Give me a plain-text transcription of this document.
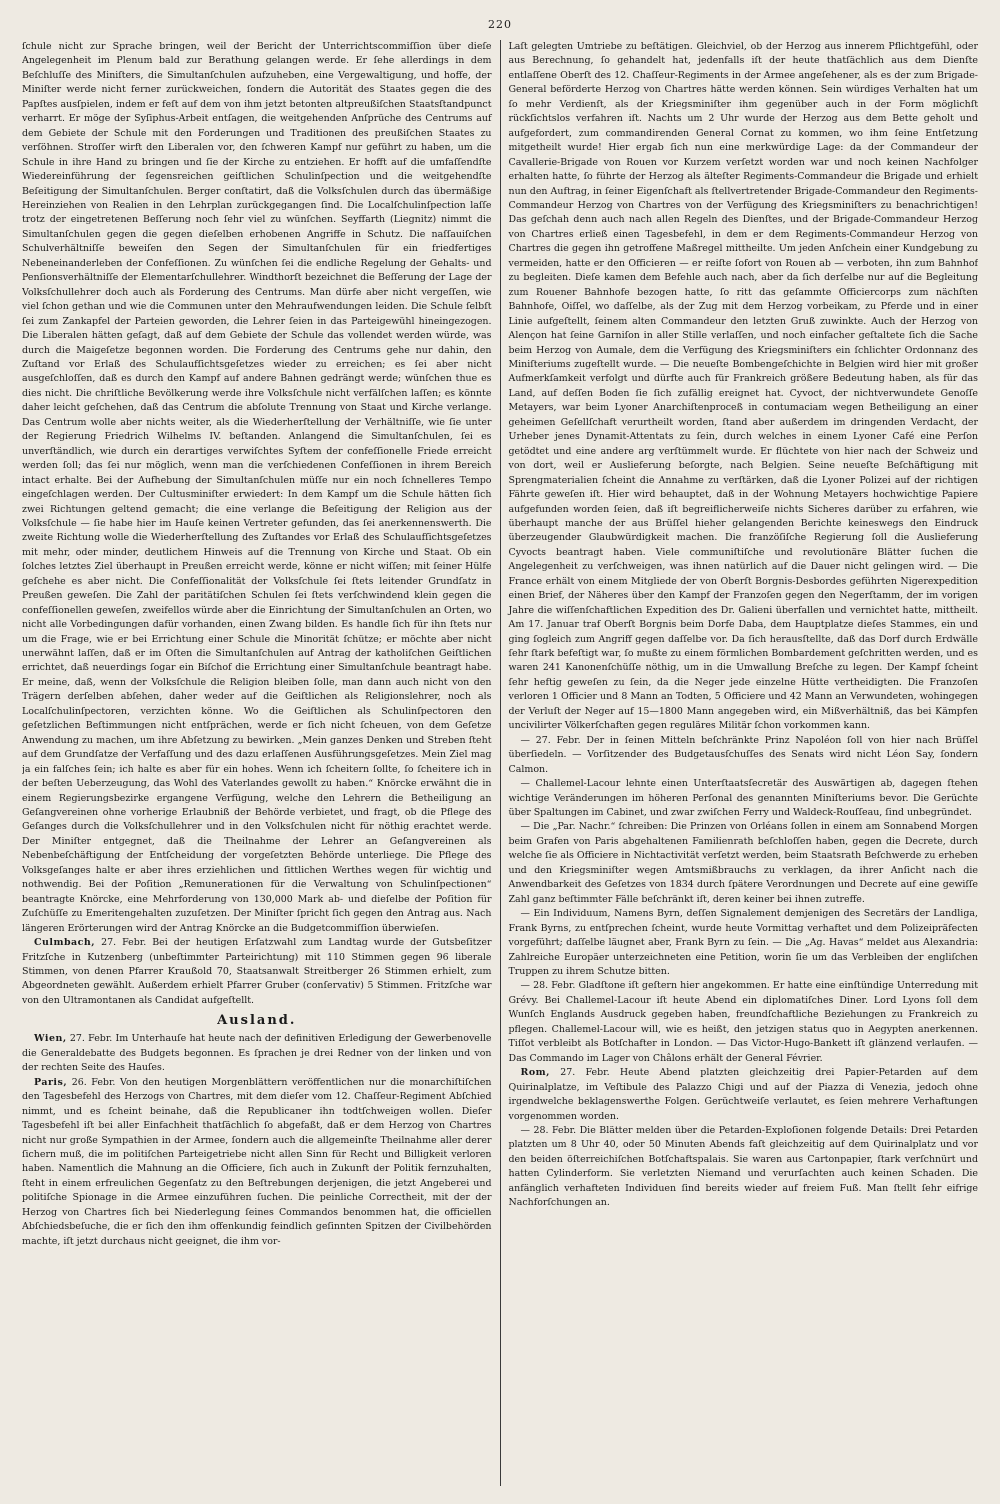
220

ſchule nicht zur Sprache bringen, weil der Bericht der Unterrichtscommiſſion über dieſe Angelegenheit im Plenum bald zur Berathung gelangen werde. Er ſehe allerdings in dem Beſchluſſe des Miniſters, die Simultanſchulen aufzuheben, eine Vergewaltigung, und hoffe, der Miniſter werde nicht ferner zurückweichen, ſondern die Autorität des Staates gegen die des Papſtes ausſpielen, indem er feſt auf dem von ihm jetzt betonten altpreußiſchen Staatsſtandpunct verharrt. Er möge der Syſiphus-Arbeit entſagen, die weitgehenden Anſprüche des Centrums auf dem Gebiete der Schule mit den Forderungen und Traditionen des preußiſchen Staates zu verſöhnen. Stroſſer wirft den Liberalen vor, den ſchweren Kampf nur geführt zu haben, um die Schule in ihre Hand zu bringen und ſie der Kirche zu entziehen. Er hofft auf die umfaſſendſte Wiedereinführung der ſegensreichen geiſtlichen Schulinſpection und die weitgehendſte Beſeitigung der Simultanſchulen. Berger conſtatirt, daß die Volksſchulen durch das übermäßige Hereinziehen von Realien in den Lehrplan zurückgegangen ſind. Die Localſchulinſpection laſſe trotz der eingetretenen Beſſerung noch ſehr viel zu wünſchen. Seyffarth (Liegnitz) nimmt die Simultanſchulen gegen die gegen dieſelben erhobenen Angriffe in Schutz. Die naſſauiſchen Schulverhältniſſe beweiſen den Segen der Simultanſchulen für ein friedfertiges Nebeneinanderleben der Confeſſionen. Zu wünſchen ſei die endliche Regelung der Gehalts- und Penſionsverhältniſſe der Elementarſchullehrer. Windthorſt bezeichnet die Beſſerung der Lage der Volksſchullehrer doch auch als Forderung des Centrums. Man dürfe aber nicht vergeſſen, wie viel ſchon gethan und wie die Communen unter den Mehraufwendungen leiden. Die Schule ſelbſt ſei zum Zankapfel der Parteien geworden, die Lehrer ſeien in das Parteigewühl hineingezogen. Die Liberalen hätten geſagt, daß auf dem Gebiete der Schule das vollendet werden würde, was durch die Maigeſetze begonnen worden. Die Forderung des Centrums gehe nur dahin, den Zuſtand vor Erlaß des Schulaufſichtsgeſetzes wieder zu erreichen; es ſei aber nicht ausgeſchloſſen, daß es durch den Kampf auf andere Bahnen gedrängt werde; wünſchen thue es dies nicht. Die chriſtliche Bevölkerung werde ihre Volksſchule nicht verfälſchen laſſen; es könnte daher leicht geſchehen, daß das Centrum die abſolute Trennung von Staat und Kirche verlange. Das Centrum wolle aber nichts weiter, als die Wiederherſtellung der Verhältniſſe, wie ſie unter der Regierung Friedrich Wilhelms IV. beſtanden. Anlangend die Simultanſchulen, ſei es unverſtändlich, wie durch ein derartiges verwiſchtes Syſtem der confeſſionelle Friede erreicht werden ſoll; das ſei nur möglich, wenn man die verſchiedenen Confeſſionen in ihrem Bereich intact erhalte. Bei der Aufhebung der Simultanſchulen müſſe nur ein noch ſchnelleres Tempo eingeſchlagen werden. Der Cultusminiſter erwiedert: In dem Kampf um die Schule hätten ſich zwei Richtungen geltend gemacht; die eine verlange die Beſeitigung der Religion aus der Volksſchule — ſie habe hier im Hauſe keinen Vertreter gefunden, das ſei anerkennenswerth. Die zweite Richtung wolle die Wiederherſtellung des Zuſtandes vor Erlaß des Schulaufſichtsgeſetzes mit mehr, oder minder, deutlichem Hinweis auf die Trennung von Kirche und Staat. Ob ein ſolches letztes Ziel überhaupt in Preußen erreicht werde, könne er nicht wiſſen; mit ſeiner Hülfe geſchehe es aber nicht. Die Confeſſionalität der Volksſchule ſei ſtets leitender Grundſatz in Preußen geweſen. Die Zahl der paritätiſchen Schulen ſei ſtets verſchwindend klein gegen die confeſſionellen geweſen, zweifellos würde aber die Einrichtung der Simultanſchulen an Orten, wo nicht alle Vorbedingungen dafür vorhanden, einen Zwang bilden. Es handle ſich für ihn ſtets nur um die Frage, wie er bei Errichtung einer Schule die Minorität ſchütze; er möchte aber nicht unerwähnt laſſen, daß er im Oſten die Simultanſchulen auf Antrag der katholiſchen Geiſtlichen errichtet, daß neuerdings ſogar ein Biſchof die Errichtung einer Simultanſchule beantragt habe. Er meine, daß, wenn der Volksſchule die Religion bleiben ſolle, man dann auch nicht von den Trägern derſelben abſehen, daher weder auf die Geiſtlichen als Religionslehrer, noch als Localſchulinſpectoren, verzichten könne. Wo die Geiſtlichen als Schulinſpectoren den geſetzlichen Beſtimmungen nicht entſprächen, werde er ſich nicht ſcheuen, von dem Geſetze Anwendung zu machen, um ihre Abſetzung zu bewirken. „Mein ganzes Denken und Streben ſteht auf dem Grundſatze der Verfaſſung und des dazu erlaſſenen Ausführungsgeſetzes. Mein Ziel mag ja ein falſches ſein; ich halte es aber für ein hohes. Wenn ich ſcheitern ſollte, ſo ſcheitere ich in der beſten Ueberzeugung, das Wohl des Vaterlandes gewollt zu haben.“ Knörcke erwähnt die in einem Regierungsbezirke ergangene Verfügung, welche den Lehrern die Betheiligung an Geſangvereinen ohne vorherige Erlaubniß der Behörde verbietet, und fragt, ob die Pflege des Geſanges durch die Volksſchullehrer und in den Volksſchulen nicht für nöthig erachtet werde. Der Miniſter entgegnet, daß die Theilnahme der Lehrer an Geſangvereinen als Nebenbeſchäftigung der Entſcheidung der vorgeſetzten Behörde unterliege. Die Pflege des Volksgeſanges halte er aber ihres erziehlichen und ſittlichen Werthes wegen für wichtig und nothwendig. Bei der Poſition „Remunerationen für die Verwaltung von Schulinſpectionen“ beantragte Knörcke, eine Mehrforderung von 130,000 Mark ab- und dieſelbe der Poſition für Zuſchüſſe zu Emeritengehalten zuzuſetzen. Der Miniſter ſpricht ſich gegen den Antrag aus. Nach längeren Erörterungen wird der Antrag Knörcke an die Budgetcommiſſion überwieſen.

Culmbach, 27. Febr. Bei der heutigen Erſatzwahl zum Landtag wurde der Gutsbeſitzer Fritzſche in Kutzenberg (unbeſtimmter Parteirichtung) mit 110 Stimmen gegen 96 liberale Stimmen, von denen Pfarrer Kraußold 70, Staatsanwalt Streitberger 26 Stimmen erhielt, zum Abgeordneten gewählt. Außerdem erhielt Pfarrer Gruber (conſervativ) 5 Stimmen. Fritzſche war von den Ultramontanen als Candidat aufgeſtellt.

Ausland.

Wien, 27. Febr. Im Unterhauſe hat heute nach der definitiven Erledigung der Gewerbenovelle die Generaldebatte des Budgets begonnen. Es ſprachen je drei Redner von der linken und von der rechten Seite des Hauſes.

Paris, 26. Febr. Von den heutigen Morgenblättern veröffentlichen nur die monarchiſtiſchen den Tagesbefehl des Herzogs von Chartres, mit dem dieſer vom 12. Chaſſeur-Regiment Abſchied nimmt, und es ſcheint beinahe, daß die Republicaner ihn todtſchweigen wollen. Dieſer Tagesbefehl iſt bei aller Einfachheit thatſächlich ſo abgefaßt, daß er dem Herzog von Chartres nicht nur große Sympathien in der Armee, ſondern auch die allgemeinſte Theilnahme aller derer ſichern muß, die im politiſchen Parteigetriebe nicht allen Sinn für Recht und Billigkeit verloren haben. Namentlich die Mahnung an die Officiere, ſich auch in Zukunft der Politik fernzuhalten, ſteht in einem erfreulichen Gegenſatz zu den Beſtrebungen derjenigen, die jetzt Angeberei und politiſche Spionage in die Armee einzuführen ſuchen. Die peinliche Correctheit, mit der der Herzog von Chartres ſich bei Niederlegung ſeines Commandos benommen hat, die officiellen Abſchiedsbeſuche, die er ſich den ihm offenkundig feindlich geſinnten Spitzen der Civilbehörden machte, iſt jetzt durchaus nicht geeignet, die ihm vor-

Laſt gelegten Umtriebe zu beſtätigen. Gleichviel, ob der Herzog aus innerem Pflichtgefühl, oder aus Berechnung, ſo gehandelt hat, jedenfalls iſt der heute thatſächlich aus dem Dienſte entlaſſene Oberſt des 12. Chaſſeur-Regiments in der Armee angeſehener, als es der zum Brigade-General beförderte Herzog von Chartres hätte werden können. Sein würdiges Verhalten hat um ſo mehr Verdienſt, als der Kriegsminiſter ihm gegenüber auch in der Form möglichſt rückſichtslos verfahren iſt. Nachts um 2 Uhr wurde der Herzog aus dem Bette geholt und aufgefordert, zum commandirenden General Cornat zu kommen, wo ihm ſeine Entſetzung mitgetheilt wurde! Hier ergab ſich nun eine merkwürdige Lage: da der Commandeur der Cavallerie-Brigade von Rouen vor Kurzem verſetzt worden war und noch keinen Nachfolger erhalten hatte, ſo führte der Herzog als älteſter Regiments-Commandeur die Brigade und erhielt nun den Auftrag, in ſeiner Eigenſchaft als ſtellvertretender Brigade-Commandeur den Regiments-Commandeur Herzog von Chartres von der Verfügung des Kriegsminiſters zu benachrichtigen! Das geſchah denn auch nach allen Regeln des Dienſtes, und der Brigade-Commandeur Herzog von Chartres erließ einen Tagesbefehl, in dem er dem Regiments-Commandeur Herzog von Chartres die gegen ihn getroffene Maßregel mittheilte. Um jeden Anſchein einer Kundgebung zu vermeiden, hatte er den Officieren — er reiſte ſofort von Rouen ab — verboten, ihn zum Bahnhof zu begleiten. Dieſe kamen dem Befehle auch nach, aber da ſich derſelbe nur auf die Begleitung zum Rouener Bahnhofe bezogen hatte, ſo ritt das geſammte Officiercorps zum nächſten Bahnhofe, Oiſſel, wo daſſelbe, als der Zug mit dem Herzog vorbeikam, zu Pferde und in einer Linie aufgeſtellt, ſeinem alten Commandeur den letzten Gruß zuwinkte. Auch der Herzog von Alençon hat ſeine Garniſon in aller Stille verlaſſen, und noch einfacher geſtaltete ſich die Sache beim Herzog von Aumale, dem die Verfügung des Kriegsminiſters ein ſchlichter Ordonnanz des Miniſteriums zugeſtellt wurde. — Die neueſte Bombengeſchichte in Belgien wird hier mit großer Aufmerkſamkeit verfolgt und dürfte auch für Frankreich größere Bedeutung haben, als für das Land, auf deſſen Boden ſie ſich zufällig ereignet hat. Cyvoct, der nichtverwundete Genoſſe Metayers, war beim Lyoner Anarchiſtenproceß in contumaciam wegen Betheiligung an einer geheimen Geſellſchaft verurtheilt worden, ſtand aber außerdem im dringenden Verdacht, der Urheber jenes Dynamit-Attentats zu ſein, durch welches in einem Lyoner Café eine Perſon getödtet und eine andere arg verſtümmelt wurde. Er flüchtete von hier nach der Schweiz und von dort, weil er Auslieferung beſorgte, nach Belgien. Seine neueſte Beſchäftigung mit Sprengmaterialien ſcheint die Annahme zu verſtärken, daß die Lyoner Polizei auf der richtigen Fährte geweſen iſt. Hier wird behauptet, daß in der Wohnung Metayers hochwichtige Papiere aufgefunden worden ſeien, daß iſt begreiflicherweiſe nichts Sicheres darüber zu erfahren, wie überhaupt manche der aus Brüſſel hieher gelangenden Berichte keineswegs den Eindruck überzeugender Glaubwürdigkeit machen. Die franzöſiſche Regierung ſoll die Auslieferung Cyvocts beantragt haben. Viele communiſtiſche und revolutionäre Blätter ſuchen die Angelegenheit zu verſchweigen, was ihnen natürlich auf die Dauer nicht gelingen wird. — Die France erhält von einem Mitgliede der von Oberſt Borgnis-Desbordes geführten Nigerexpedition einen Brief, der Näheres über den Kampf der Franzoſen gegen den Negerſtamm, der im vorigen Jahre die wiſſenſchaftlichen Expedition des Dr. Galieni überfallen und vernichtet hatte, mittheilt. Am 17. Januar traf Oberſt Borgnis beim Dorfe Daba, dem Hauptplatze dieſes Stammes, ein und ging ſogleich zum Angriff gegen daſſelbe vor. Da ſich herausſtellte, daß das Dorf durch Erdwälle ſehr ſtark befeſtigt war, ſo mußte zu einem förmlichen Bombardement geſchritten werden, und es waren 241 Kanonenſchüſſe nöthig, um in die Umwallung Breſche zu legen. Der Kampf ſcheint ſehr heftig geweſen zu ſein, da die Neger jede einzelne Hütte vertheidigten. Die Franzoſen verloren 1 Officier und 8 Mann an Todten, 5 Officiere und 42 Mann an Verwundeten, wohingegen der Verluſt der Neger auf 15—1800 Mann angegeben wird, ein Mißverhältniß, das bei Kämpfen uncivilirter Völkerſchaften gegen reguläres Militär ſchon vorkommen kann.

— 27. Febr. Der in ſeinen Mitteln beſchränkte Prinz Napoléon ſoll von hier nach Brüſſel überſiedeln. — Vorſitzender des Budgetausſchuſſes des Senats wird nicht Léon Say, ſondern Calmon.

— Challemel-Lacour lehnte einen Unterſtaatsſecretär des Auswärtigen ab, dagegen ſtehen wichtige Veränderungen im höheren Perſonal des genannten Miniſteriums bevor. Die Gerüchte über Spaltungen im Cabinet, und zwar zwiſchen Ferry und Waldeck-Rouſſeau, ſind unbegründet.

— Die „Par. Nachr.“ ſchreiben: Die Prinzen von Orléans ſollen in einem am Sonnabend Morgen beim Grafen von Paris abgehaltenen Familienrath beſchloſſen haben, gegen die Decrete, durch welche ſie als Officiere in Nichtactivität verſetzt werden, beim Staatsrath Beſchwerde zu erheben und den Kriegsminiſter wegen Amtsmißbrauchs zu verklagen, da ihrer Anſicht nach die Anwendbarkeit des Geſetzes von 1834 durch ſpätere Verordnungen und Decrete auf eine gewiſſe Zahl ganz beſtimmter Fälle beſchränkt iſt, deren keiner bei ihnen zutreffe.

— Ein Individuum, Namens Byrn, deſſen Signalement demjenigen des Secretärs der Landliga, Frank Byrns, zu entſprechen ſcheint, wurde heute Vormittag verhaftet und dem Polizeipräfecten vorgeführt; daſſelbe läugnet aber, Frank Byrn zu ſein. — Die „Ag. Havas“ meldet aus Alexandria: Zahlreiche Europäer unterzeichneten eine Petition, worin ſie um das Verbleiben der engliſchen Truppen zu ihrem Schutze bitten.

— 28. Febr. Gladſtone iſt geſtern hier angekommen. Er hatte eine einſtündige Unterredung mit Grévy. Bei Challemel-Lacour iſt heute Abend ein diplomatiſches Diner. Lord Lyons ſoll dem Wunſch Englands Ausdruck gegeben haben, freundſchaftliche Beziehungen zu Frankreich zu pflegen. Challemel-Lacour will, wie es heißt, den jetzigen status quo in Aegypten anerkennen. Tiſſot verbleibt als Botſchafter in London. — Das Victor-Hugo-Bankett iſt glänzend verlaufen. — Das Commando im Lager von Châlons erhält der General Février.

Rom, 27. Febr. Heute Abend platzten gleichzeitig drei Papier-Petarden auf dem Quirinalplatze, im Veſtibule des Palazzo Chigi und auf der Piazza di Venezia, jedoch ohne irgendwelche beklagenswerthe Folgen. Gerüchtweiſe verlautet, es ſeien mehrere Verhaftungen vorgenommen worden.

— 28. Febr. Die Blätter melden über die Petarden-Exploſionen folgende Details: Drei Petarden platzten um 8 Uhr 40, oder 50 Minuten Abends faſt gleichzeitig auf dem Quirinalplatz und vor den beiden öſterreichiſchen Botſchaftspalais. Sie waren aus Cartonpapier, ſtark verſchnürt und hatten Cylinderform. Sie verletzten Niemand und verurſachten auch keinen Schaden. Die anfänglich verhafteten Individuen ſind bereits wieder auf freiem Fuß. Man ſtellt ſehr eifrige Nachforſchungen an.
